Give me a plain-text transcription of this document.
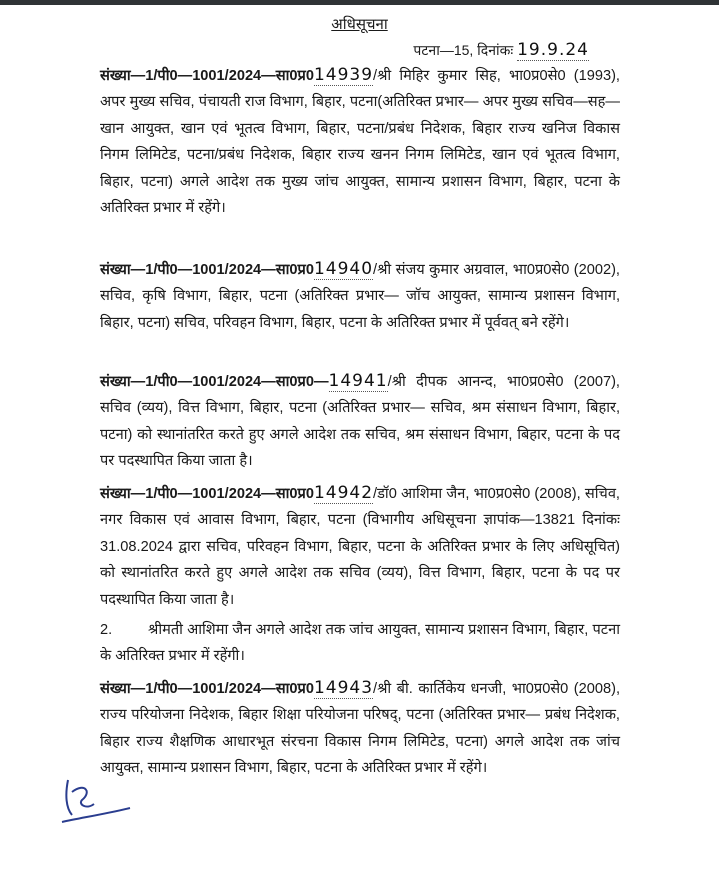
अधिसूचना
पटना—15, दिनांकः 19.9.24

संख्या—1/पी0—1001/2024—सा0प्र014939/श्री मिहिर कुमार सिह, भा0प्र0से0 (1993), अपर मुख्य सचिव, पंचायती राज विभाग, बिहार, पटना(अतिरिक्त प्रभार— अपर मुख्य सचिव—सह—खान आयुक्त, खान एवं भूतत्व विभाग, बिहार, पटना/प्रबंध निदेशक, बिहार राज्य खनिज विकास निगम लिमिटेड, पटना/प्रबंध निदेशक, बिहार राज्य खनन निगम लिमिटेड, खान एवं भूतत्व विभाग, बिहार, पटना) अगले आदेश तक मुख्य जांच आयुक्त, सामान्य प्रशासन विभाग, बिहार, पटना के अतिरिक्त प्रभार में रहेंगे।

संख्या—1/पी0—1001/2024—सा0प्र014940/श्री संजय कुमार अग्रवाल, भा0प्र0से0 (2002), सचिव, कृषि विभाग, बिहार, पटना (अतिरिक्त प्रभार— जॉच आयुक्त, सामान्य प्रशासन विभाग, बिहार, पटना) सचिव, परिवहन विभाग, बिहार, पटना के अतिरिक्त प्रभार में पूर्ववत् बने रहेंगे।

संख्या—1/पी0—1001/2024—सा0प्र0—14941/श्री दीपक आनन्द, भा0प्र0से0 (2007), सचिव (व्यय), वित्त विभाग, बिहार, पटना (अतिरिक्त प्रभार— सचिव, श्रम संसाधन विभाग, बिहार, पटना) को स्थानांतरित करते हुए अगले आदेश तक सचिव, श्रम संसाधन विभाग, बिहार, पटना के पद पर पदस्थापित किया जाता है।

संख्या—1/पी0—1001/2024—सा0प्र014942/डॉ0 आशिमा जैन, भा0प्र0से0 (2008), सचिव, नगर विकास एवं आवास विभाग, बिहार, पटना (विभागीय अधिसूचना ज्ञापांक—13821 दिनांकः 31.08.2024 द्वारा सचिव, परिवहन विभाग, बिहार, पटना के अतिरिक्त प्रभार के लिए अधिसूचित) को स्थानांतरित करते हुए अगले आदेश तक सचिव (व्यय), वित्त विभाग, बिहार, पटना के पद पर पदस्थापित किया जाता है।

2. श्रीमती आशिमा जैन अगले आदेश तक जांच आयुक्त, सामान्य प्रशासन विभाग, बिहार, पटना के अतिरिक्त प्रभार में रहेंगी।

संख्या—1/पी0—1001/2024—सा0प्र014943/श्री बी. कार्तिकेय धनजी, भा0प्र0से0 (2008), राज्य परियोजना निदेशक, बिहार शिक्षा परियोजना परिषद्, पटना (अतिरिक्त प्रभार— प्रबंध निदेशक, बिहार राज्य शैक्षणिक आधारभूत संरचना विकास निगम लिमिटेड, पटना) अगले आदेश तक जांच आयुक्त, सामान्य प्रशासन विभाग, बिहार, पटना के अतिरिक्त प्रभार में रहेंगे।
